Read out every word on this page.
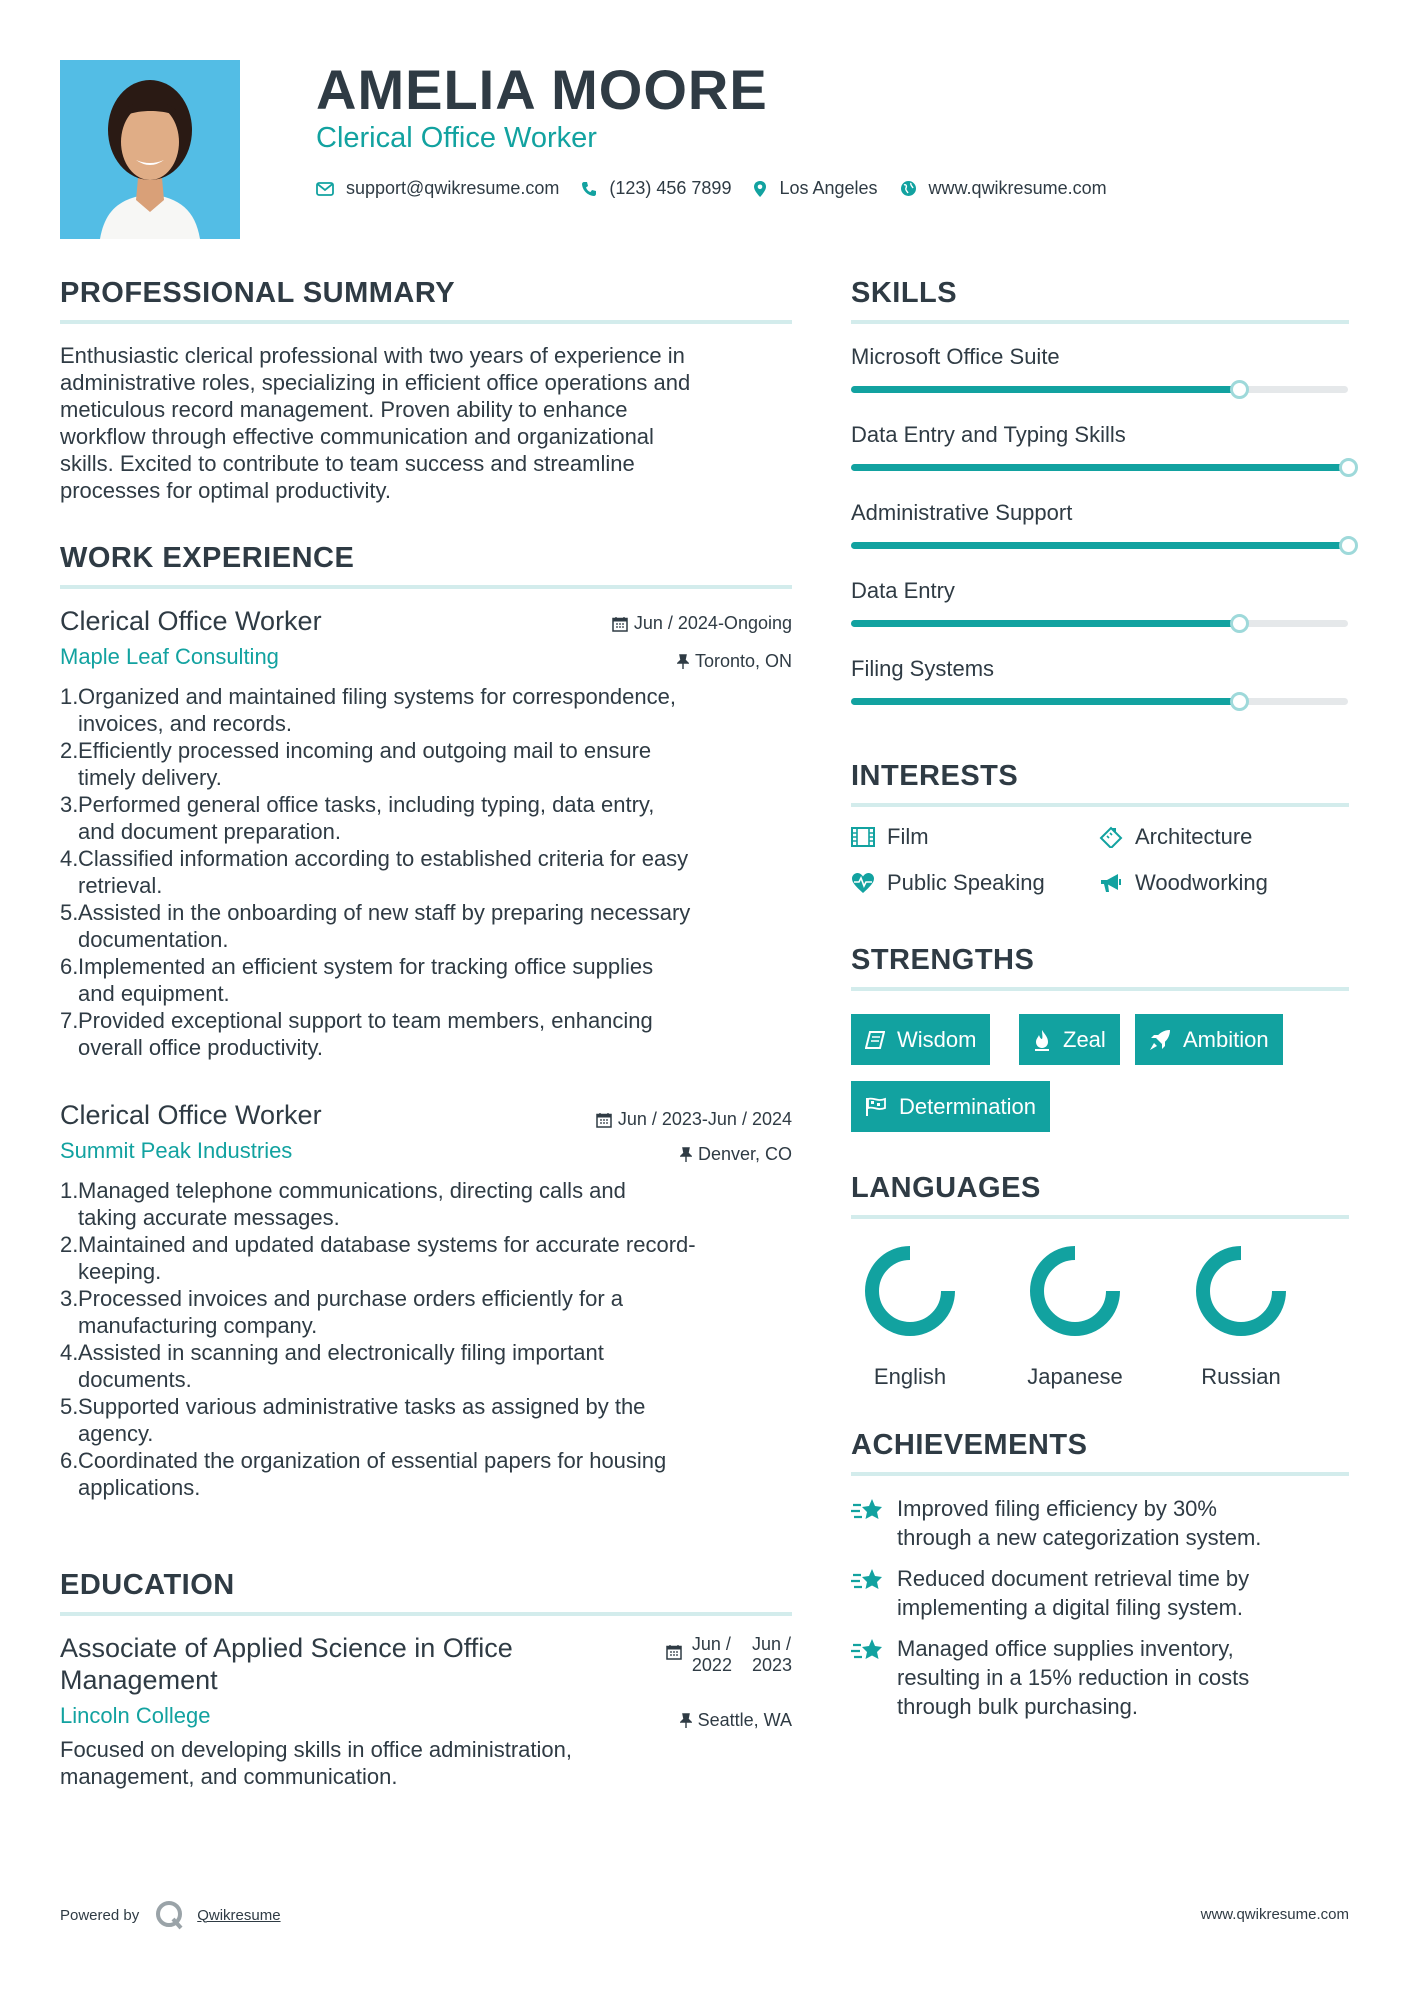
AMELIA MOORE
Clerical Office Worker
support@qwikresume.com	(123) 456 7899	Los Angeles	www.qwikresume.com
PROFESSIONAL SUMMARY
Enthusiastic clerical professional with two years of experience in
administrative roles, specializing in efficient office operations and
meticulous record management. Proven ability to enhance
workflow through effective communication and organizational
skills. Excited to contribute to team success and streamline
processes for optimal productivity.
WORK EXPERIENCE
Jun / 2024-Ongoing
Toronto, ON
Clerical Office Worker
Maple Leaf Consulting
1. Organized and maintained filing systems for correspondence,
invoices, and records.
2. Efficiently processed incoming and outgoing mail to ensure
timely delivery.
3. Performed general office tasks, including typing, data entry,
and document preparation.
4. Classified information according to established criteria for easy
retrieval.
5. Assisted in the onboarding of new staff by preparing necessary
documentation.
6. Implemented an efficient system for tracking office supplies
and equipment.
7. Provided exceptional support to team members, enhancing
overall office productivity.
Jun / 2023-Jun / 2024
Denver, CO
Clerical Office Worker
Summit Peak Industries
1. Managed telephone communications, directing calls and
taking accurate messages.
2. Maintained and updated database systems for accurate record-
keeping.
3. Processed invoices and purchase orders efficiently for a
manufacturing company.
4. Assisted in scanning and electronically filing important
documents.
5. Supported various administrative tasks as assigned by the
agency.
6. Coordinated the organization of essential papers for housing
applications.
EDUCATION
Associate of Applied Science in Office
Management
Jun /
2022
Jun /
2023
Seattle, WA
Lincoln College
Focused on developing skills in office administration,
management, and communication.
SKILLS
Microsoft Office Suite
Data Entry and Typing Skills
Administrative Support
Data Entry
Filing Systems
INTERESTS
Film	Architecture
Public Speaking	Woodworking
STRENGTHS
Wisdom	Zeal	Ambition
Determination
LANGUAGES
English	Japanese	Russian
ACHIEVEMENTS
Improved filing efficiency by 30%
through a new categorization system.
Reduced document retrieval time by
implementing a digital filing system.
Managed office supplies inventory,
resulting in a 15% reduction in costs
through bulk purchasing.
Powered by	Qwikresume	www.qwikresume.com
